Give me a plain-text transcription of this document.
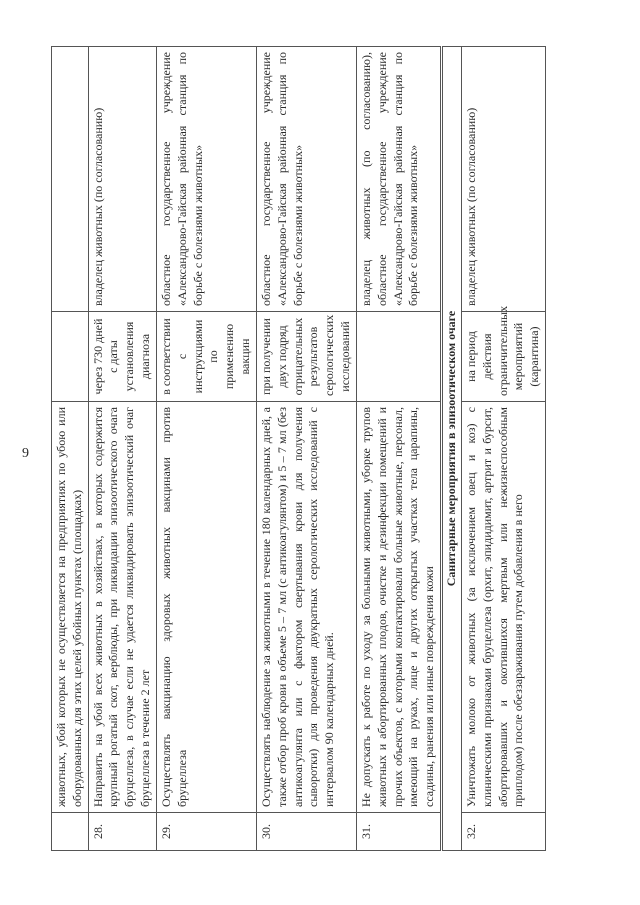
9
	животных, убой которых не осуществляется на предприятиях по убою или оборудованных для этих целей убойных пунктах (площадках)		
28.	Направить на убой всех животных в хозяйствах, в которых содержится крупный рогатый скот, верблюды, при ликвидации эпизоотического очага бруцеллеза, в случае если не удается ликвидировать эпизоотический очаг бруцеллеза в течение 2 лет	через 730 дней с даты установления диагноза	владелец животных (по согласованию)
29.	Осуществлять вакцинацию здоровых животных вакцинами против бруцеллеза	в соответствии с инструкциями по применению вакцин	областное государственное учреждение «Александрово-Гайская районная станция по борьбе с болезнями животных»
30.	Осуществлять наблюдение за животными в течение 180 календарных дней, а также отбор проб крови в объеме 5 – 7 мл (с антикоагулянтом) и 5 – 7 мл (без антикоагулянта или с фактором свертывания крови для получения сыворотки) для проведения двукратных серологических исследований с интервалом 90 календарных дней.	при получении двух подряд отрицательных результатов серологических исследований	областное государственное учреждение «Александрово-Гайская районная станция по борьбе с болезнями животных»
31.	Не допускать к работе по уходу за больными животными, уборке трупов животных и абортированных плодов, очистке и дезинфекции помещений и прочих объектов, с которыми контактировали больные животные, персонал, имеющий на руках, лице и других открытых участках тела царапины, ссадины, ранения или иные повреждения кожи		владелец животных (по согласованию), областное государственное учреждение «Александрово-Гайская районная станция по борьбе с болезнями животных»
Санитарные мероприятия в эпизоотическом очаге			
32.	Уничтожать молоко от животных (за исключением овец и коз) с клиническими признаками бруцеллеза (орхит, эпидидимит, артрит и бурсит, абортировавших и окотившихся мертвым или нежизнеспособным приплодом) после обеззараживания путем добавления в него	на период действия ограничительных мероприятий (карантина)	владелец животных (по согласованию)
